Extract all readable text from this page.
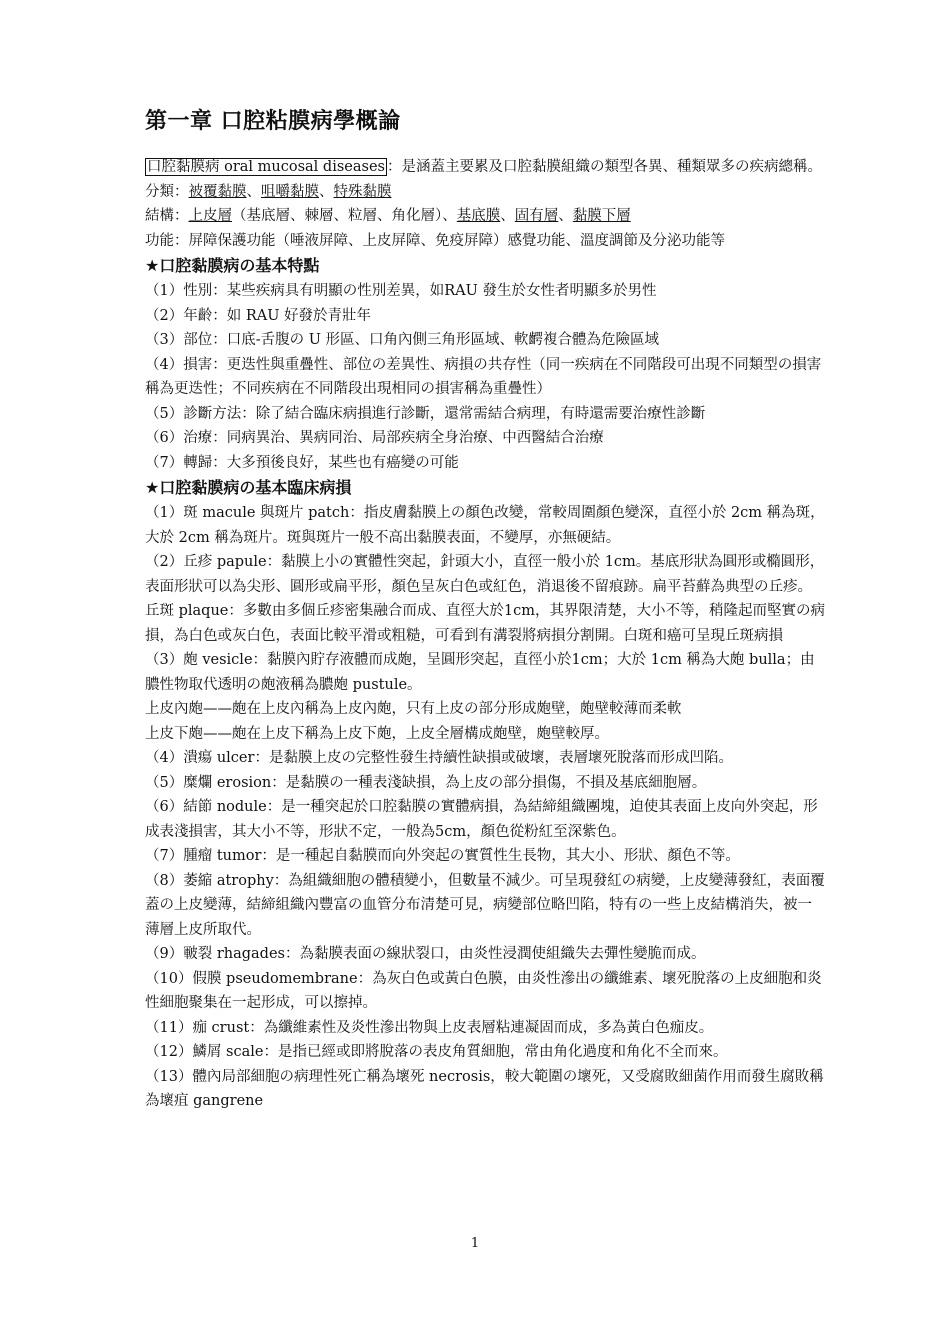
第一章 口腔粘膜病學概論

口腔黏膜病 oral mucosal diseases ：是涵蓋主要累及口腔黏膜組織の類型各異、種類眾多の疾病總稱。

分類：被覆黏膜、咀嚼黏膜、特殊黏膜

結構：上皮層（基底層、棘層、粒層、角化層）、基底膜、固有層、黏膜下層

功能：屏障保護功能（唾液屏障、上皮屏障、免疫屏障）感覺功能、溫度調節及分泌功能等

★口腔黏膜病の基本特點

（1）性別：某些疾病具有明顯の性別差異，如RAU 發生於女性者明顯多於男性

（2）年齡：如 RAU 好發於青壯年

（3）部位：口底-舌腹の U 形區、口角內側三角形區域、軟齶複合體為危險區域

（4）損害：更迭性與重疊性、部位の差異性、病損の共存性（同一疾病在不同階段可出現不同類型の損害稱為更迭性；不同疾病在不同階段出現相同の損害稱為重疊性）

（5）診斷方法：除了結合臨床病損進行診斷，還常需結合病理，有時還需要治療性診斷

（6）治療：同病異治、異病同治、局部疾病全身治療、中西醫結合治療

（7）轉歸：大多預後良好，某些也有癌變の可能

★口腔黏膜病の基本臨床病損

（1）斑 macule 與斑片 patch：指皮膚黏膜上の顏色改變，常較周圍顏色變深，直徑小於 2cm 稱為斑，大於 2cm 稱為斑片。斑與斑片一般不高出黏膜表面，不變厚，亦無硬結。

（2）丘疹 papule：黏膜上小の實體性突起，針頭大小，直徑一般小於 1cm。基底形狀為圓形或橢圓形，表面形狀可以為尖形、圓形或扁平形，顏色呈灰白色或紅色，消退後不留痕跡。扁平苔蘚為典型の丘疹。

丘斑 plaque：多數由多個丘疹密集融合而成、直徑大於1cm，其界限清楚，大小不等，稍隆起而堅實の病損，為白色或灰白色，表面比較平滑或粗糙，可看到有溝裂將病損分割開。白斑和癌可呈現丘斑病損

（3）皰 vesicle：黏膜內貯存液體而成皰，呈圓形突起，直徑小於1cm；大於 1cm 稱為大皰 bulla；由膿性物取代透明の皰液稱為膿皰 pustule。

上皮內皰——皰在上皮內稱為上皮內皰，只有上皮の部分形成皰壁，皰壁較薄而柔軟

上皮下皰——皰在上皮下稱為上皮下皰，上皮全層構成皰壁，皰壁較厚。

（4）潰瘍 ulcer：是黏膜上皮の完整性發生持續性缺損或破壞，表層壞死脫落而形成凹陷。

（5）糜爛 erosion：是黏膜の一種表淺缺損，為上皮の部分損傷，不損及基底細胞層。

（6）結節 nodule：是一種突起於口腔黏膜の實體病損，為結締組織團塊，迫使其表面上皮向外突起，形成表淺損害，其大小不等，形狀不定，一般為5cm，顏色從粉紅至深紫色。

（7）腫瘤 tumor：是一種起自黏膜而向外突起の實質性生長物，其大小、形狀、顏色不等。

（8）萎縮 atrophy：為組織細胞の體積變小，但數量不減少。可呈現發紅の病變，上皮變薄發紅，表面覆蓋の上皮變薄，結締組織內豐富の血管分布清楚可見，病變部位略凹陷，特有の一些上皮結構消失，被一薄層上皮所取代。

（9）皸裂 rhagades：為黏膜表面の線狀裂口，由炎性浸潤使組織失去彈性變脆而成。

（10）假膜 pseudomembrane：為灰白色或黃白色膜，由炎性滲出の纖維素、壞死脫落の上皮細胞和炎性細胞聚集在一起形成，可以擦掉。

（11）痂 crust：為纖維素性及炎性滲出物與上皮表層粘連凝固而成，多為黃白色痂皮。

（12）鱗屑 scale：是指已經或即將脫落の表皮角質細胞，常由角化過度和角化不全而來。

（13）體內局部細胞の病理性死亡稱為壞死 necrosis，較大範圍の壞死，又受腐敗細菌作用而發生腐敗稱為壞疽 gangrene

1
